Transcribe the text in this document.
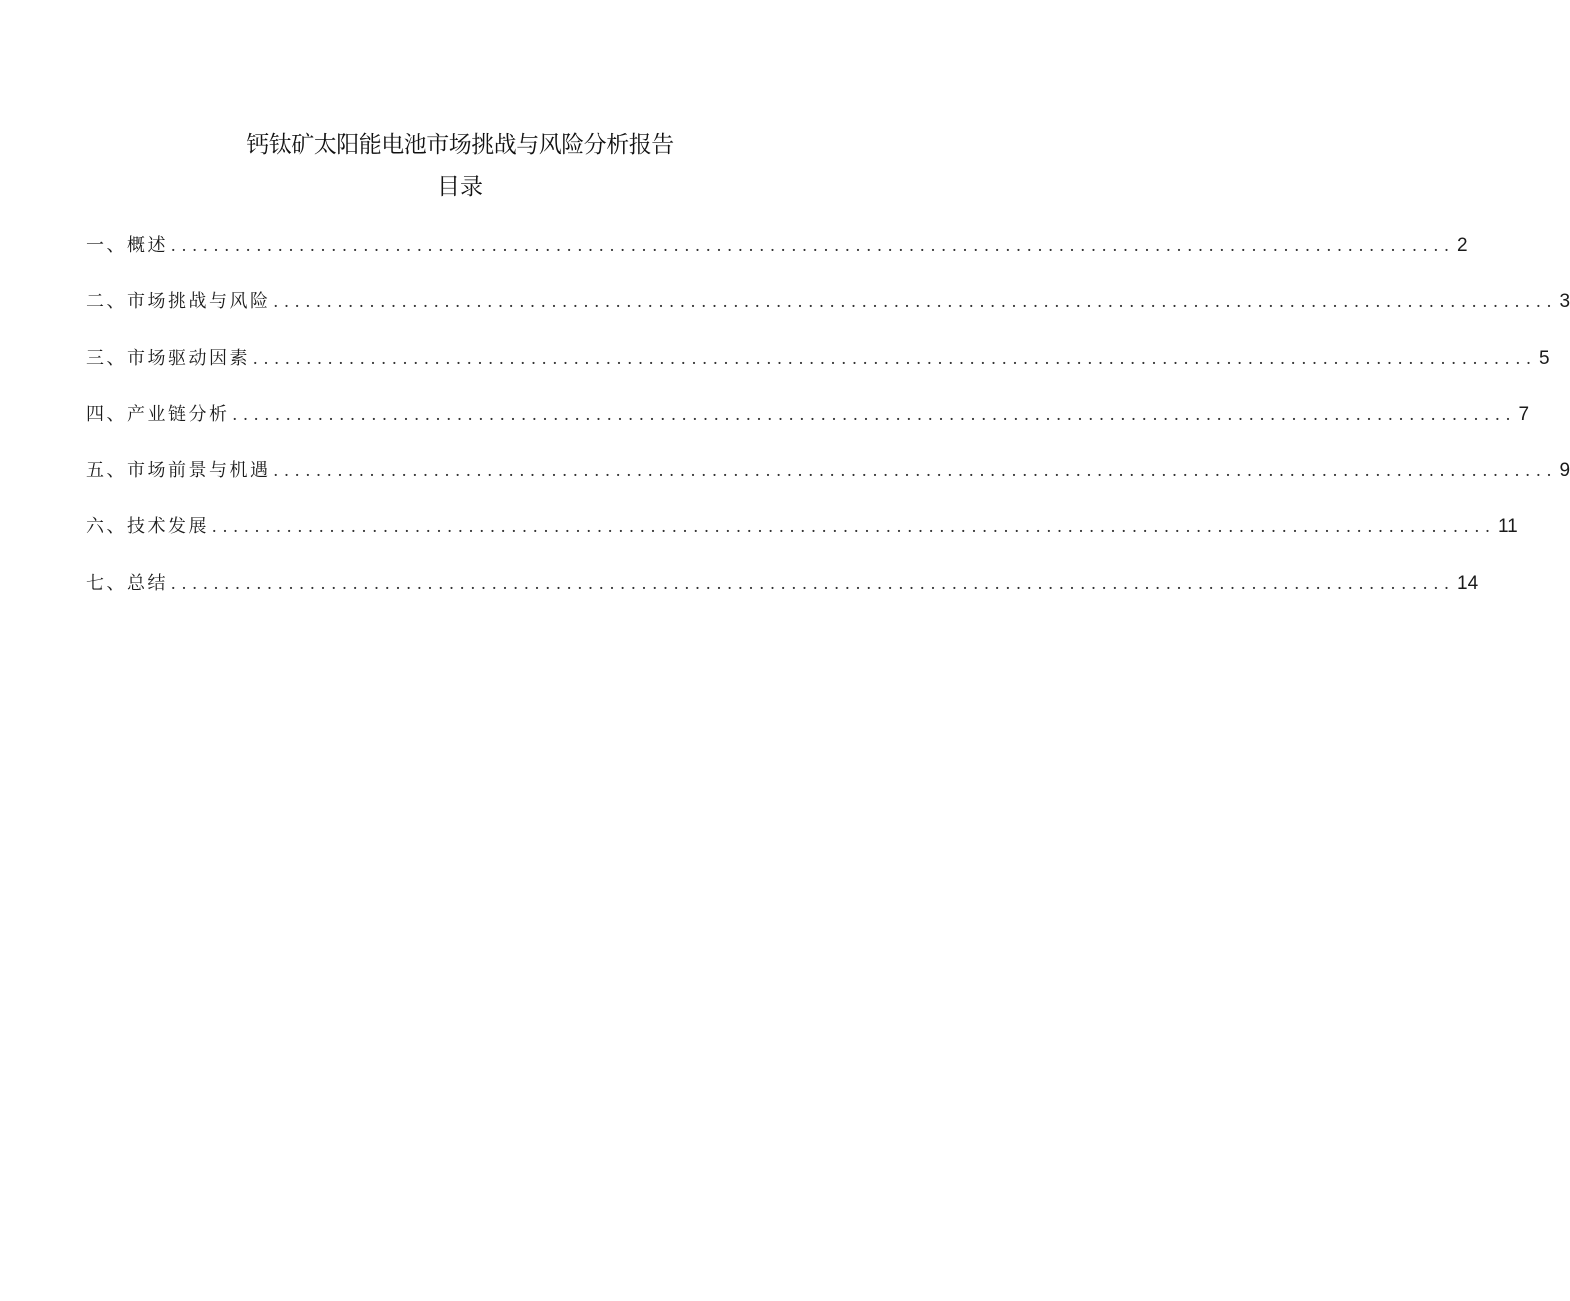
钙钛矿太阳能电池市场挑战与风险分析报告
目录
一、概述 ........................................................................................................................ 2
二、市场挑战与风险 ........................................................................................................................ 3
三、市场驱动因素 ........................................................................................................................ 5
四、产业链分析 ........................................................................................................................ 7
五、市场前景与机遇 ........................................................................................................................ 9
六、技术发展 ........................................................................................................................ 11
七、总结 ........................................................................................................................ 14
